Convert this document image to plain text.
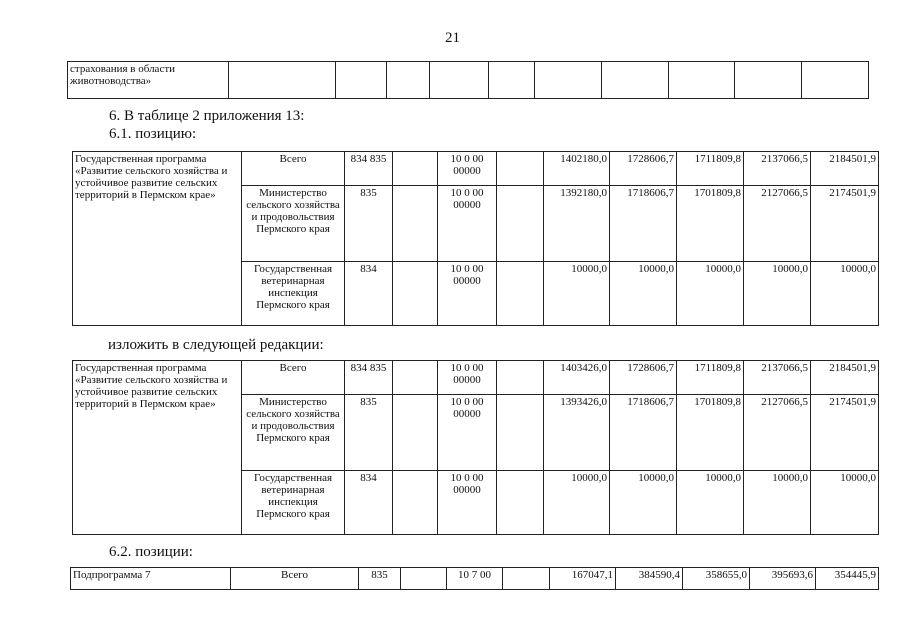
21
страхования в области животноводства»										
6. В таблице 2 приложения 13:
6.1. позицию:
Государственная программа «Развитие сельского хозяйства и устойчивое развитие сельских территорий в Пермском крае»	Всего	834 835		10 0 00 00000		1402180,0	1728606,7	1711809,8	2137066,5	2184501,9
	Министерство сельского хозяйства и продовольствия Пермского края	835		10 0 00 00000		1392180,0	1718606,7	1701809,8	2127066,5	2174501,9
	Государственная ветеринарная инспекция Пермского края	834		10 0 00 00000		10000,0	10000,0	10000,0	10000,0	10000,0
изложить в следующей редакции:
Государственная программа «Развитие сельского хозяйства и устойчивое развитие сельских территорий в Пермском крае»	Всего	834 835		10 0 00 00000		1403426,0	1728606,7	1711809,8	2137066,5	2184501,9
	Министерство сельского хозяйства и продовольствия Пермского края	835		10 0 00 00000		1393426,0	1718606,7	1701809,8	2127066,5	2174501,9
	Государственная ветеринарная инспекция Пермского края	834		10 0 00 00000		10000,0	10000,0	10000,0	10000,0	10000,0
6.2. позиции:
Подпрограмма 7	Всего	835		10 7 00		167047,1	384590,4	358655,0	395693,6	354445,9
